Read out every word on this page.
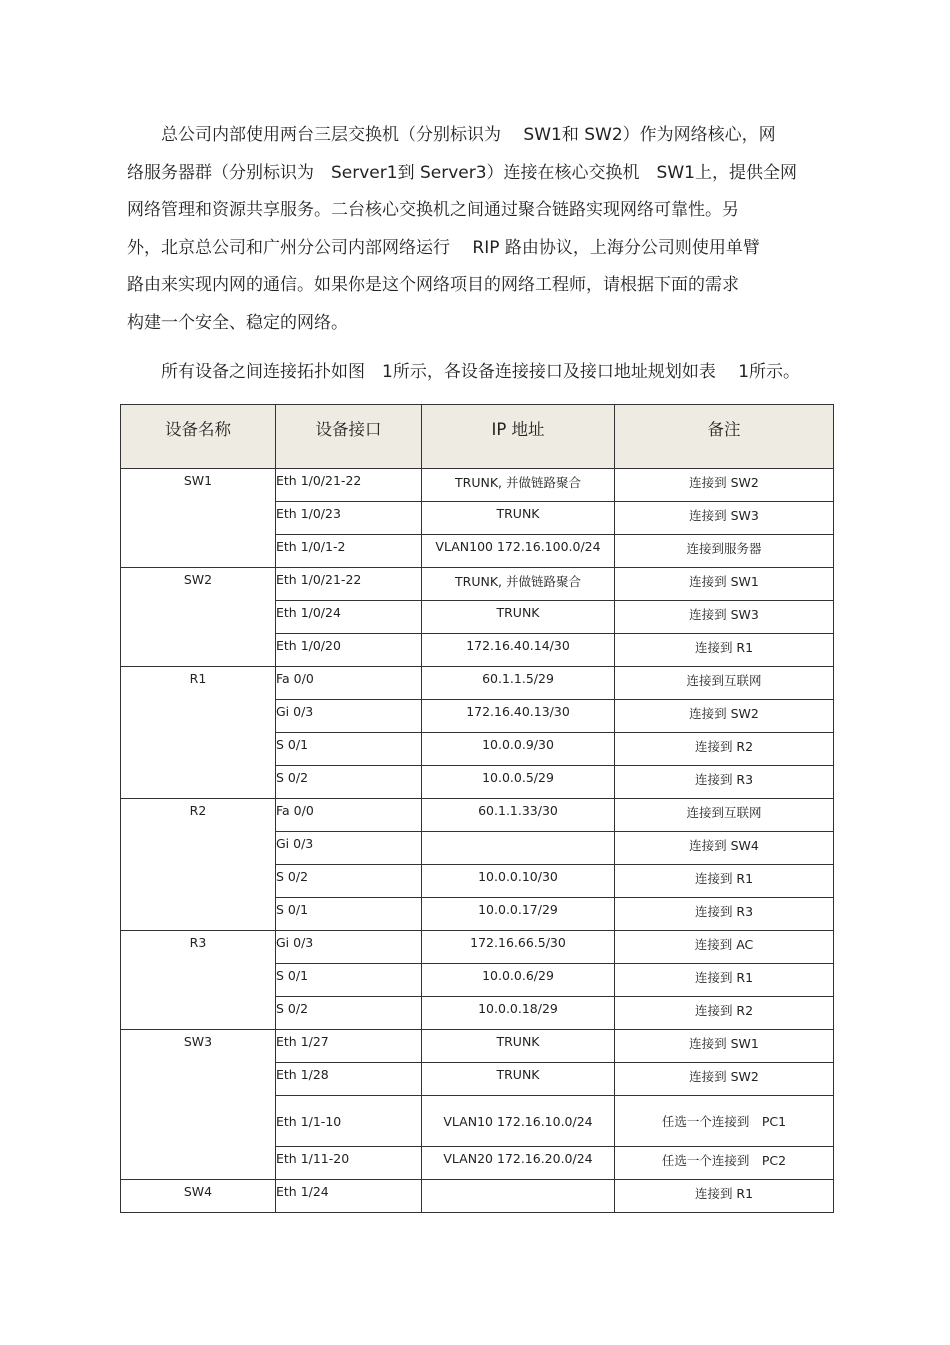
　　总公司内部使用两台三层交换机（分别标识为　 SW1和 SW2）作为网络核心，网
络服务器群（分别标识为　Server1到 Server3）连接在核心交换机　SW1上，提供全网
网络管理和资源共享服务。二台核心交换机之间通过聚合链路实现网络可靠性。另
外，北京总公司和广州分公司内部网络运行　 RIP 路由协议，上海分公司则使用单臂
路由来实现内网的通信。如果你是这个网络项目的网络工程师，请根据下面的需求
构建一个安全、稳定的网络。
　　所有设备之间连接拓扑如图　1所示，各设备连接接口及接口地址规划如表　 1所示。
设备名称	设备接口	IP 地址	备注
SW1	Eth 1/0/21-22	TRUNK, 并做链路聚合	连接到 SW2
	Eth 1/0/23	TRUNK	连接到 SW3
	Eth 1/0/1-2	VLAN100 172.16.100.0/24	连接到服务器
SW2	Eth 1/0/21-22	TRUNK, 并做链路聚合	连接到 SW1
	Eth 1/0/24	TRUNK	连接到 SW3
	Eth 1/0/20	172.16.40.14/30	连接到 R1
R1	Fa 0/0	60.1.1.5/29	连接到互联网
	Gi 0/3	172.16.40.13/30	连接到 SW2
	S 0/1	10.0.0.9/30	连接到 R2
	S 0/2	10.0.0.5/29	连接到 R3
R2	Fa 0/0	60.1.1.33/30	连接到互联网
	Gi 0/3		连接到 SW4
	S 0/2	10.0.0.10/30	连接到 R1
	S 0/1	10.0.0.17/29	连接到 R3
R3	Gi 0/3	172.16.66.5/30	连接到 AC
	S 0/1	10.0.0.6/29	连接到 R1
	S 0/2	10.0.0.18/29	连接到 R2
SW3	Eth 1/27	TRUNK	连接到 SW1
	Eth 1/28	TRUNK	连接到 SW2
	Eth 1/1-10	VLAN10 172.16.10.0/24	任选一个连接到　PC1
	Eth 1/11-20	VLAN20 172.16.20.0/24	任选一个连接到　PC2
SW4	Eth 1/24		连接到 R1
